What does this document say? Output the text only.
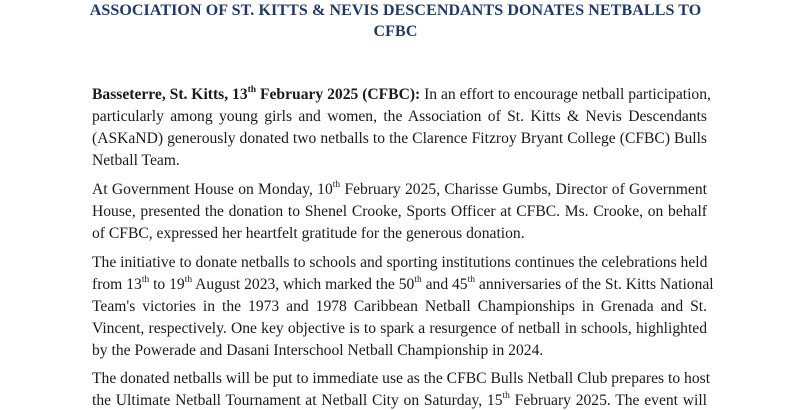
ASSOCIATION OF ST. KITTS & NEVIS DESCENDANTS DONATES NETBALLS TO
CFBC
Basseterre, St. Kitts, 13th February 2025 (CFBC): In an effort to encourage netball participation,
particularly among young girls and women, the Association of St. Kitts & Nevis Descendants
(ASKaND) generously donated two netballs to the Clarence Fitzroy Bryant College (CFBC) Bulls
Netball Team.
At Government House on Monday, 10th February 2025, Charisse Gumbs, Director of Government
House, presented the donation to Shenel Crooke, Sports Officer at CFBC. Ms. Crooke, on behalf
of CFBC, expressed her heartfelt gratitude for the generous donation.
The initiative to donate netballs to schools and sporting institutions continues the celebrations held
from 13th to 19th August 2023, which marked the 50th and 45th anniversaries of the St. Kitts National
Team's victories in the 1973 and 1978 Caribbean Netball Championships in Grenada and St.
Vincent, respectively. One key objective is to spark a resurgence of netball in schools, highlighted
by the Powerade and Dasani Interschool Netball Championship in 2024.
The donated netballs will be put to immediate use as the CFBC Bulls Netball Club prepares to host
the Ultimate Netball Tournament at Netball City on Saturday, 15th February 2025. The event will
